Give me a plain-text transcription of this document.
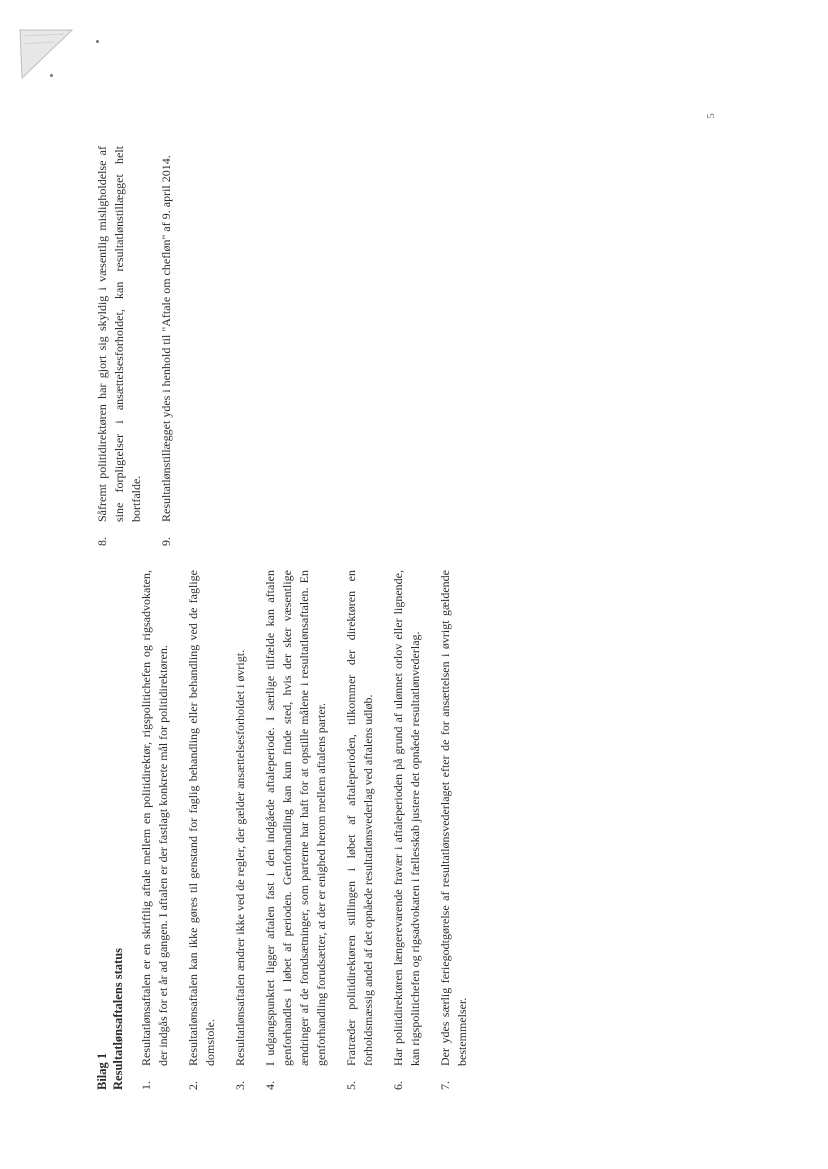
5
Bilag 1 Resultatlønsaftalens status 1.
Resultatlønsaftalen er en skriftlig aftale mellem en politidirektør, rigspolitichefen og rigsadvokaten, der indgås for et år ad gangen. I aftalen er der fastlagt konkrete mål for politidirektøren.
2.
Resultatlønsaftalen kan ikke gøres til genstand for faglig behandling eller behandling ved de faglige domstole.
3.
Resultatlønsaftalen ændrer ikke ved de regler, der gælder ansættelsesforholdet i øvrigt.
4.
I udgangspunktet ligger aftalen fast i den indgåede aftaleperiode. I særlige tilfælde kan aftalen genforhandles i løbet af perioden. Genforhandling kan kun finde sted, hvis der sker væsentlige ændringer af de forudsætninger, som parterne har haft for at opstille målene i resultatlønsaftalen. En genforhandling forudsætter, at der er enighed herom mellem aftalens parter.
5.
Fratræder politidirektøren stillingen i løbet af aftaleperioden, tilkommer der direktøren en forholdsmæssig andel af det opnåede resultatlønsvederlag ved aftalens udløb.
6.
Har politidirektøren længerevarende fravær i aftaleperioden på grund af ulønnet orlov eller lignende, kan rigspolitichefen og rigsadvokaten i fællesskab justere det opnåede resultatlønvederlag.
7.
Der ydes særlig feriegodtgørelse af resultatlønsvederlaget efter de for ansættelsen i øvrigt gældende bestemmelser.
8.
Såfremt politidirektøren har gjort sig skyldig i væsentlig misligholdelse af sine forpligtelser i ansættelsesforholdet, kan resultatlønstillægget helt bortfalde.
9.
Resultatlønstillægget ydes i henhold til "Aftale om chefløn" af 9. april 2014.
